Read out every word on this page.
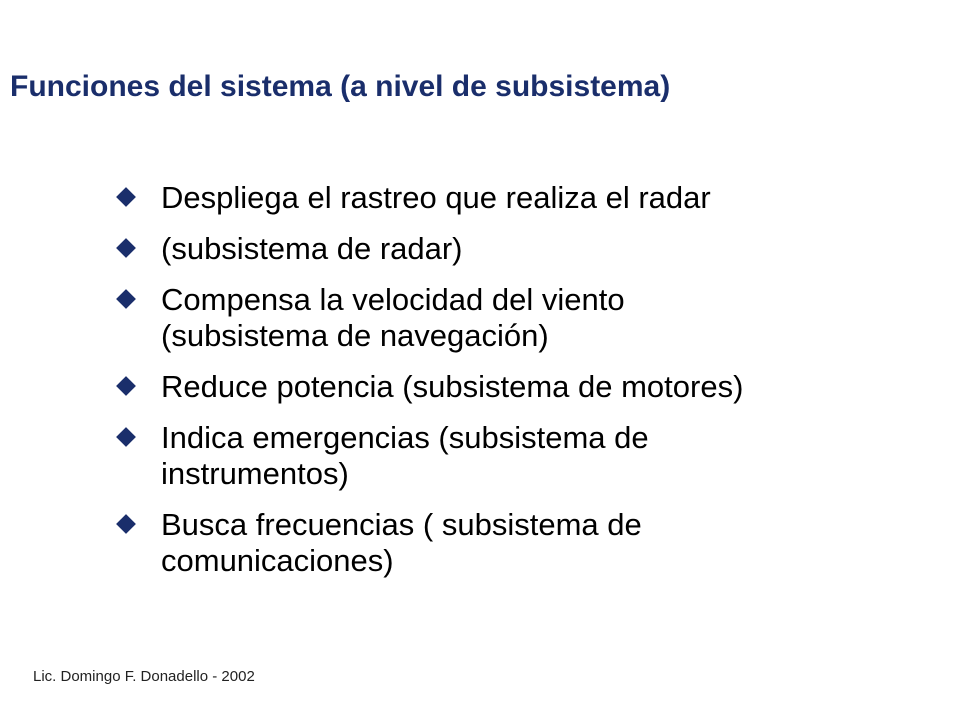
Funciones del sistema (a nivel de subsistema)
Despliega el rastreo que realiza el radar
(subsistema de radar)
Compensa la velocidad del viento
(subsistema de navegación)
Reduce potencia (subsistema de motores)
Indica emergencias (subsistema de
instrumentos)
Busca frecuencias ( subsistema de
comunicaciones)
Lic. Domingo F. Donadello - 2002
